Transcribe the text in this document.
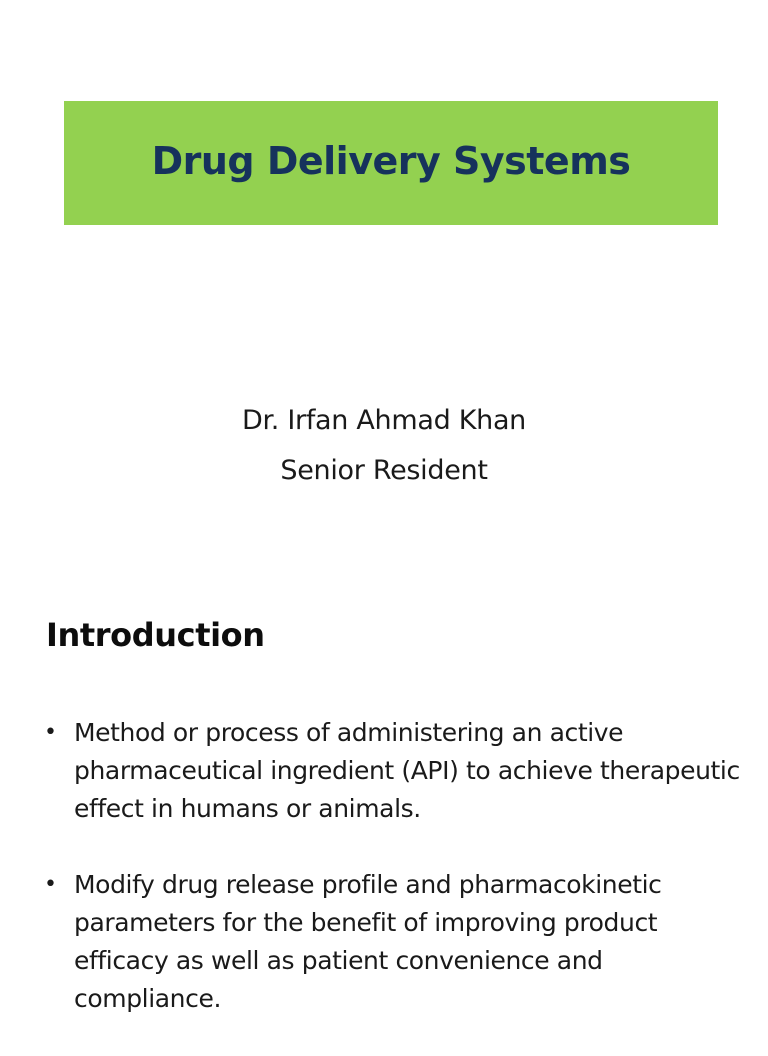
Drug Delivery Systems
Dr. Irfan Ahmad Khan
Senior Resident
Introduction
• Method or process of administering an active pharmaceutical ingredient (API) to achieve therapeutic effect in humans or animals.
• Modify drug release profile and pharmacokinetic parameters for the benefit of improving product efficacy as well as patient convenience and compliance.
